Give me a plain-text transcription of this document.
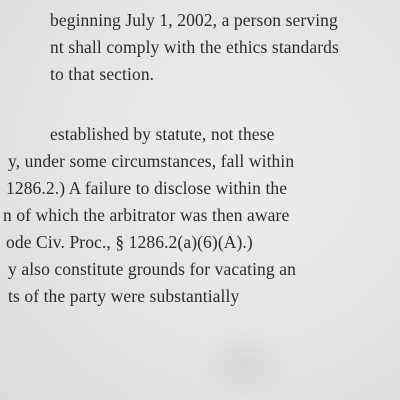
beginning July 1, 2002, a person serving
nt shall comply with the ethics standards
to that section.
established by statute, not these
y, under some circumstances, fall within
1286.2.) A failure to disclose within the
n of which the arbitrator was then aware
ode Civ. Proc., § 1286.2(a)(6)(A).)
y also constitute grounds for vacating an
ts of the party were substantially
